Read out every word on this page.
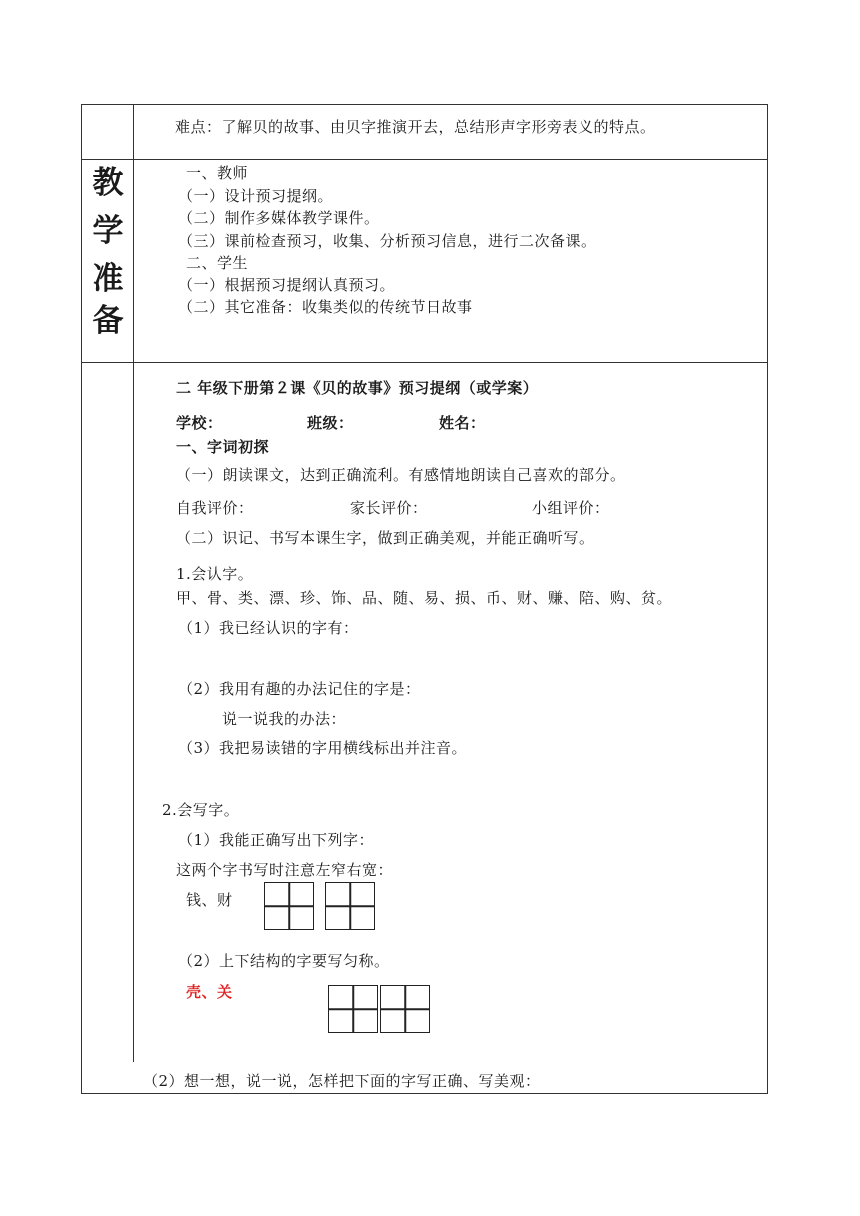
难点：了解贝的故事、由贝字推演开去，总结形声字形旁表义的特点。
教
学
准
备
一、教师
（一）设计预习提纲。
（二）制作多媒体教学课件。
（三）课前检查预习，收集、分析预习信息，进行二次备课。
二、学生
（一）根据预习提纲认真预习。
（二）其它准备：收集类似的传统节日故事
二 年级下册第２课《贝的故事》预习提纲（或学案）
学校：	班级：	姓名：
一、字词初探
（一）朗读课文，达到正确流利。有感情地朗读自己喜欢的部分。
自我评价：	家长评价：	小组评价：
（二）识记、书写本课生字，做到正确美观，并能正确听写。
1.会认字。
甲、骨、类、漂、珍、饰、品、随、易、损、币、财、赚、陪、购、贫。
（1）我已经认识的字有：
（2）我用有趣的办法记住的字是：
说一说我的办法：
（3）我把易读错的字用横线标出并注音。
2.会写字。
（1）我能正确写出下列字：
这两个字书写时注意左窄右宽：
钱、财
（2）上下结构的字要写匀称。
壳、关
（2）想一想，说一说，怎样把下面的字写正确、写美观：
